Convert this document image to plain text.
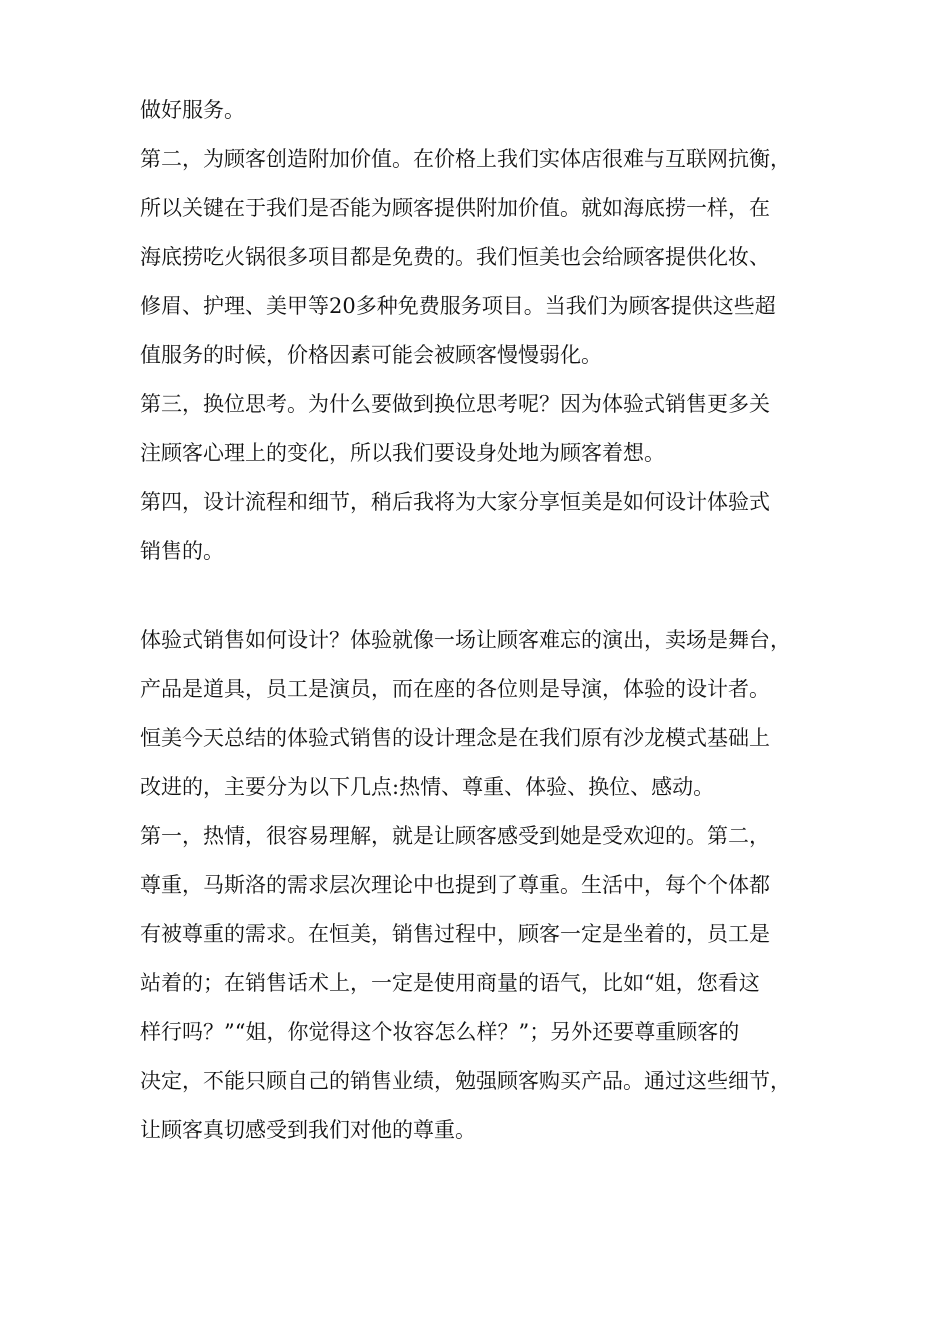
做好服务。
第二，为顾客创造附加价值。在价格上我们实体店很难与互联网抗衡，
所以关键在于我们是否能为顾客提供附加价值。就如海底捞一样，在
海底捞吃火锅很多项目都是免费的。我们恒美也会给顾客提供化妆、
修眉、护理、美甲等20多种免费服务项目。当我们为顾客提供这些超
值服务的时候，价格因素可能会被顾客慢慢弱化。
第三，换位思考。为什么要做到换位思考呢？因为体验式销售更多关
注顾客心理上的变化，所以我们要设身处地为顾客着想。
第四，设计流程和细节，稍后我将为大家分享恒美是如何设计体验式
销售的。
体验式销售如何设计？体验就像一场让顾客难忘的演出，卖场是舞台，
产品是道具，员工是演员，而在座的各位则是导演，体验的设计者。
恒美今天总结的体验式销售的设计理念是在我们原有沙龙模式基础上
改进的，主要分为以下几点:热情、尊重、体验、换位、感动。
第一，热情，很容易理解，就是让顾客感受到她是受欢迎的。第二，
尊重，马斯洛的需求层次理论中也提到了尊重。生活中，每个个体都
有被尊重的需求。在恒美，销售过程中，顾客一定是坐着的，员工是
站着的；在销售话术上，一定是使用商量的语气，比如“姐，您看这
样行吗？”“姐，你觉得这个妆容怎么样？”；另外还要尊重顾客的
决定，不能只顾自己的销售业绩，勉强顾客购买产品。通过这些细节，
让顾客真切感受到我们对他的尊重。
